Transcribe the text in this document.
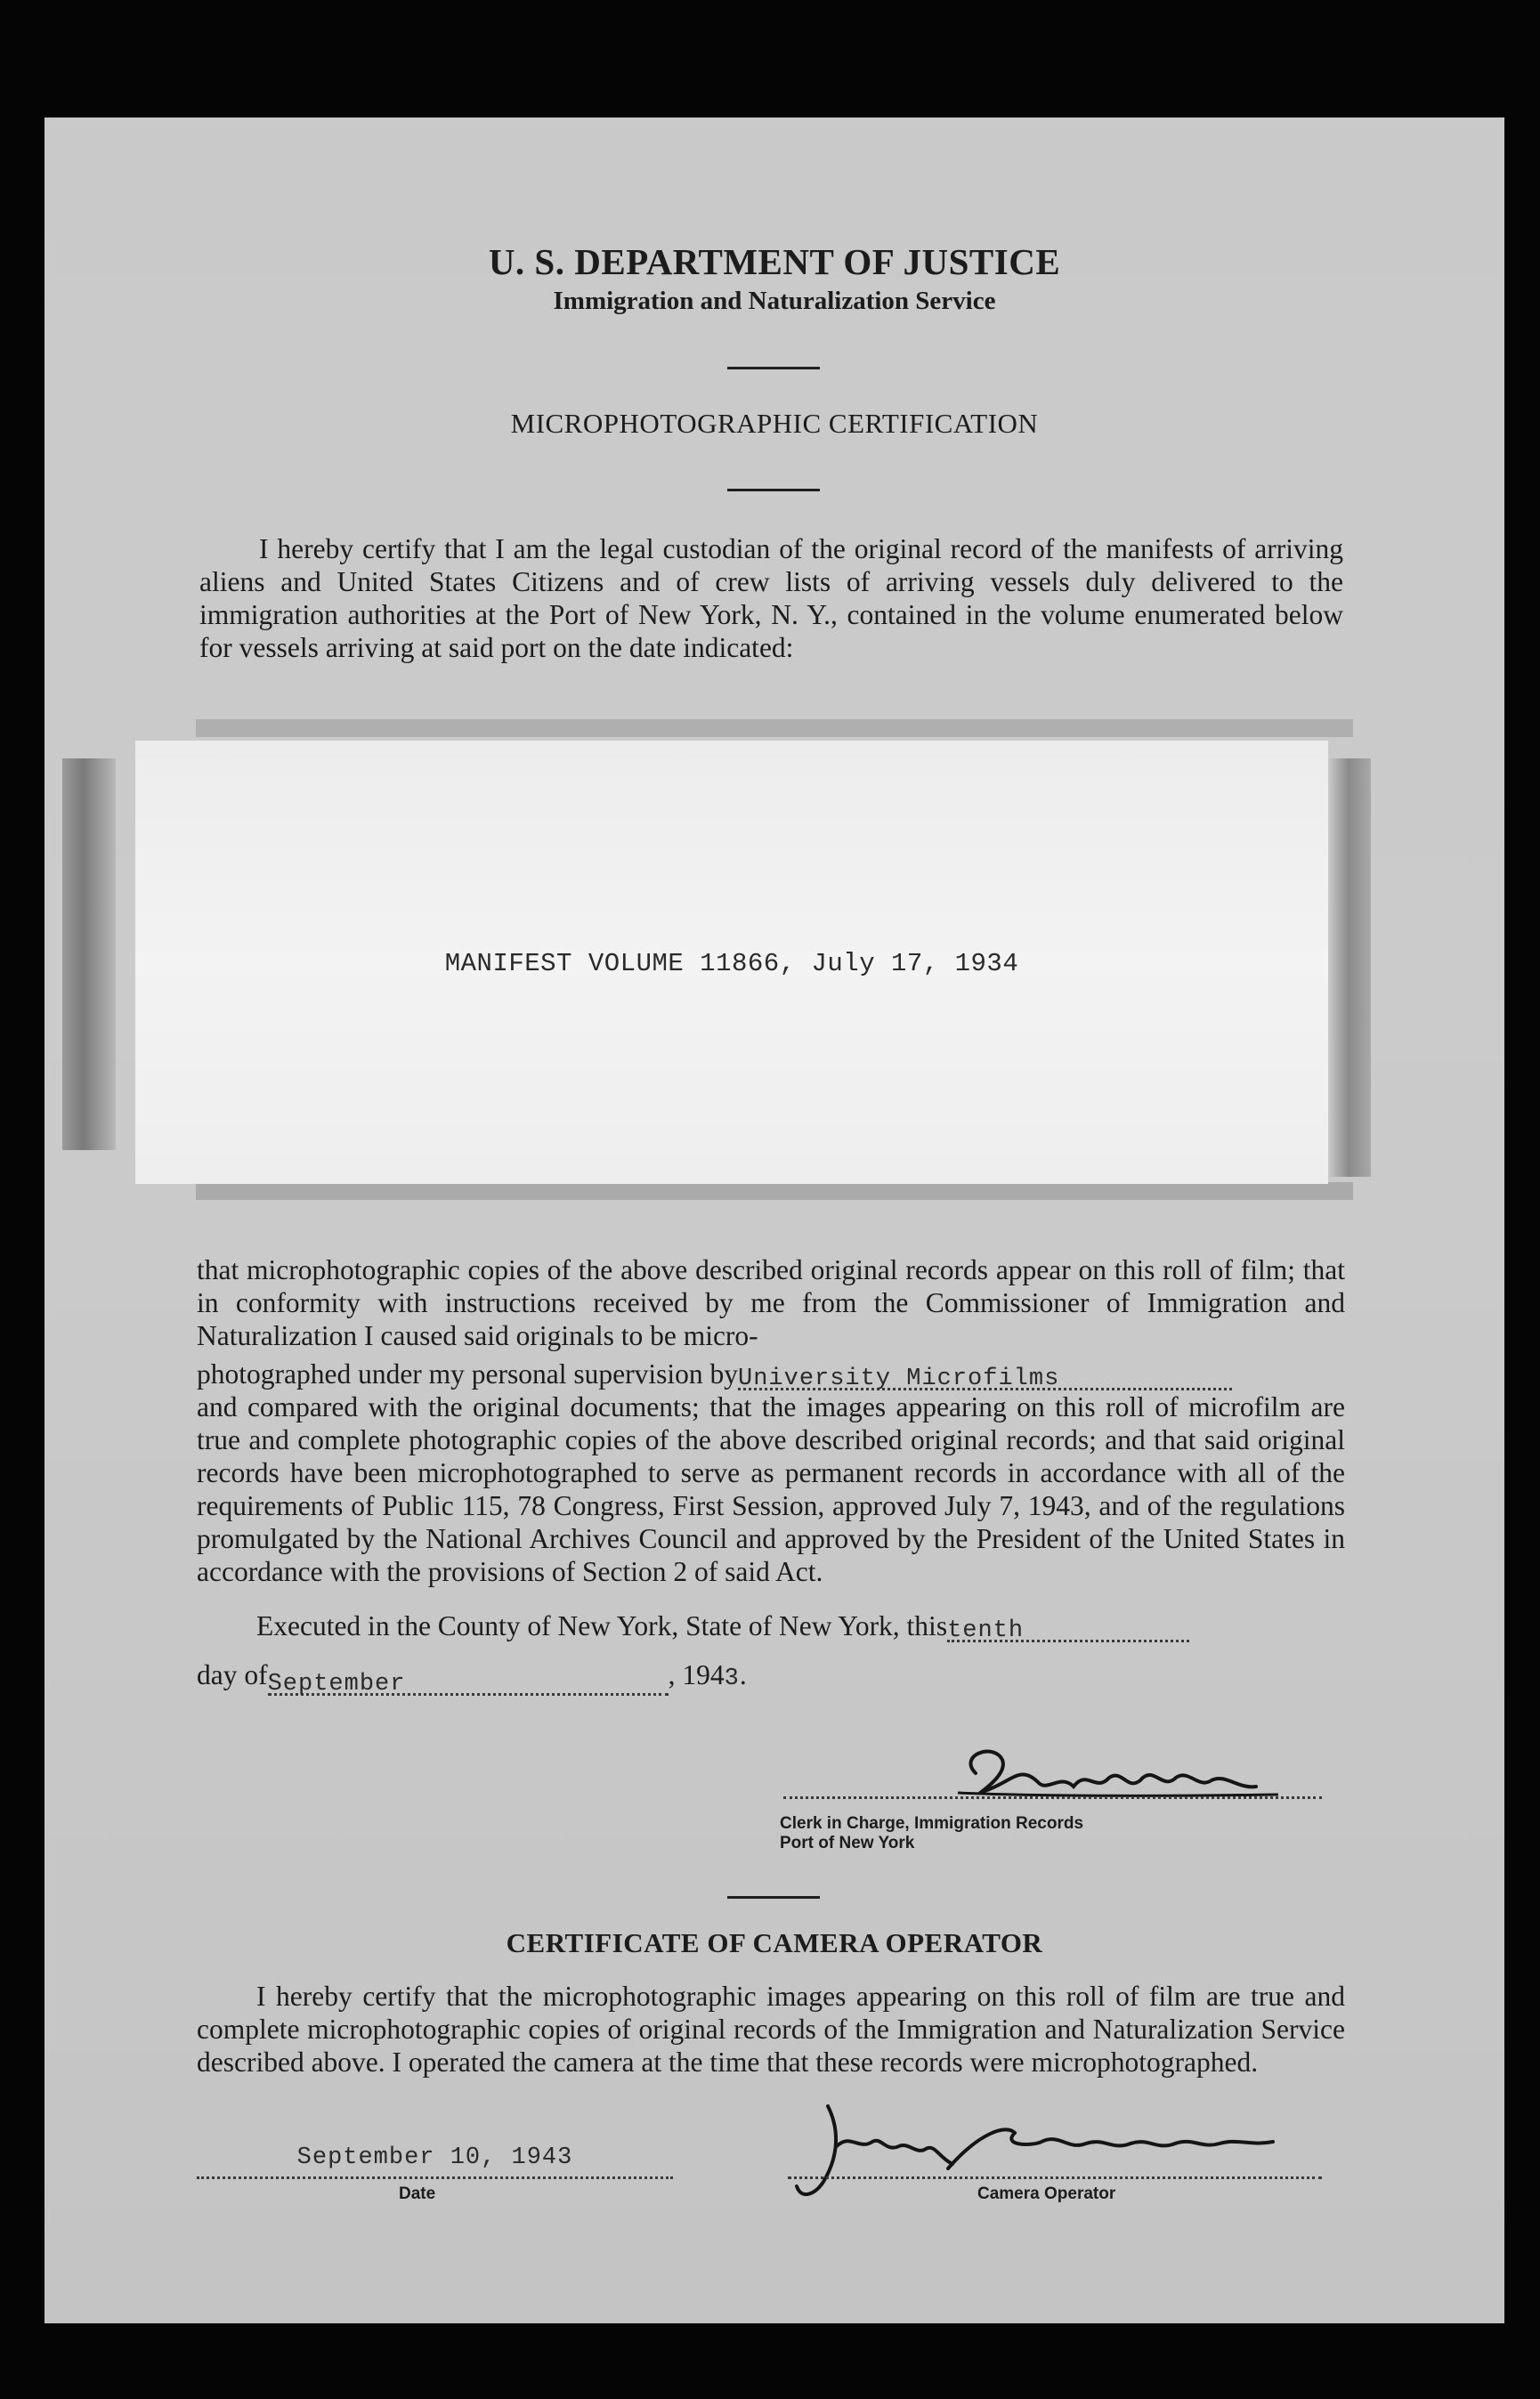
U. S. DEPARTMENT OF JUSTICE
Immigration and Naturalization Service
MICROPHOTOGRAPHIC CERTIFICATION
I hereby certify that I am the legal custodian of the original record of the manifests of arriving aliens and United States Citizens and of crew lists of arriving vessels duly delivered to the immigration authorities at the Port of New York, N. Y., contained in the volume enumerated below for vessels arriving at said port on the date indicated:
MANIFEST VOLUME 11866, July 17, 1934
that microphotographic copies of the above described original records appear on this roll of film; that in conformity with instructions received by me from the Commissioner of Immigration and Naturalization I caused said originals to be micro-
photographed under my personal supervision byUniversity Microfilms
and compared with the original documents; that the images appearing on this roll of microfilm are true and complete photographic copies of the above described original records; and that said original records have been microphotographed to serve as permanent records in accordance with all of the requirements of Public 115, 78 Congress, First Session, approved July 7, 1943, and of the regulations promulgated by the National Archives Council and approved by the President of the United States in accordance with the provisions of Section 2 of said Act.
Executed in the County of New York, State of New York, thistenth
day ofSeptember	, 1943.
Clerk in Charge, Immigration Records
Port of New York
CERTIFICATE OF CAMERA OPERATOR
I hereby certify that the microphotographic images appearing on this roll of film are true and complete microphotographic copies of original records of the Immigration and Naturalization Service described above. I operated the camera at the time that these records were microphotographed.
September 10, 1943
Date	Camera Operator
